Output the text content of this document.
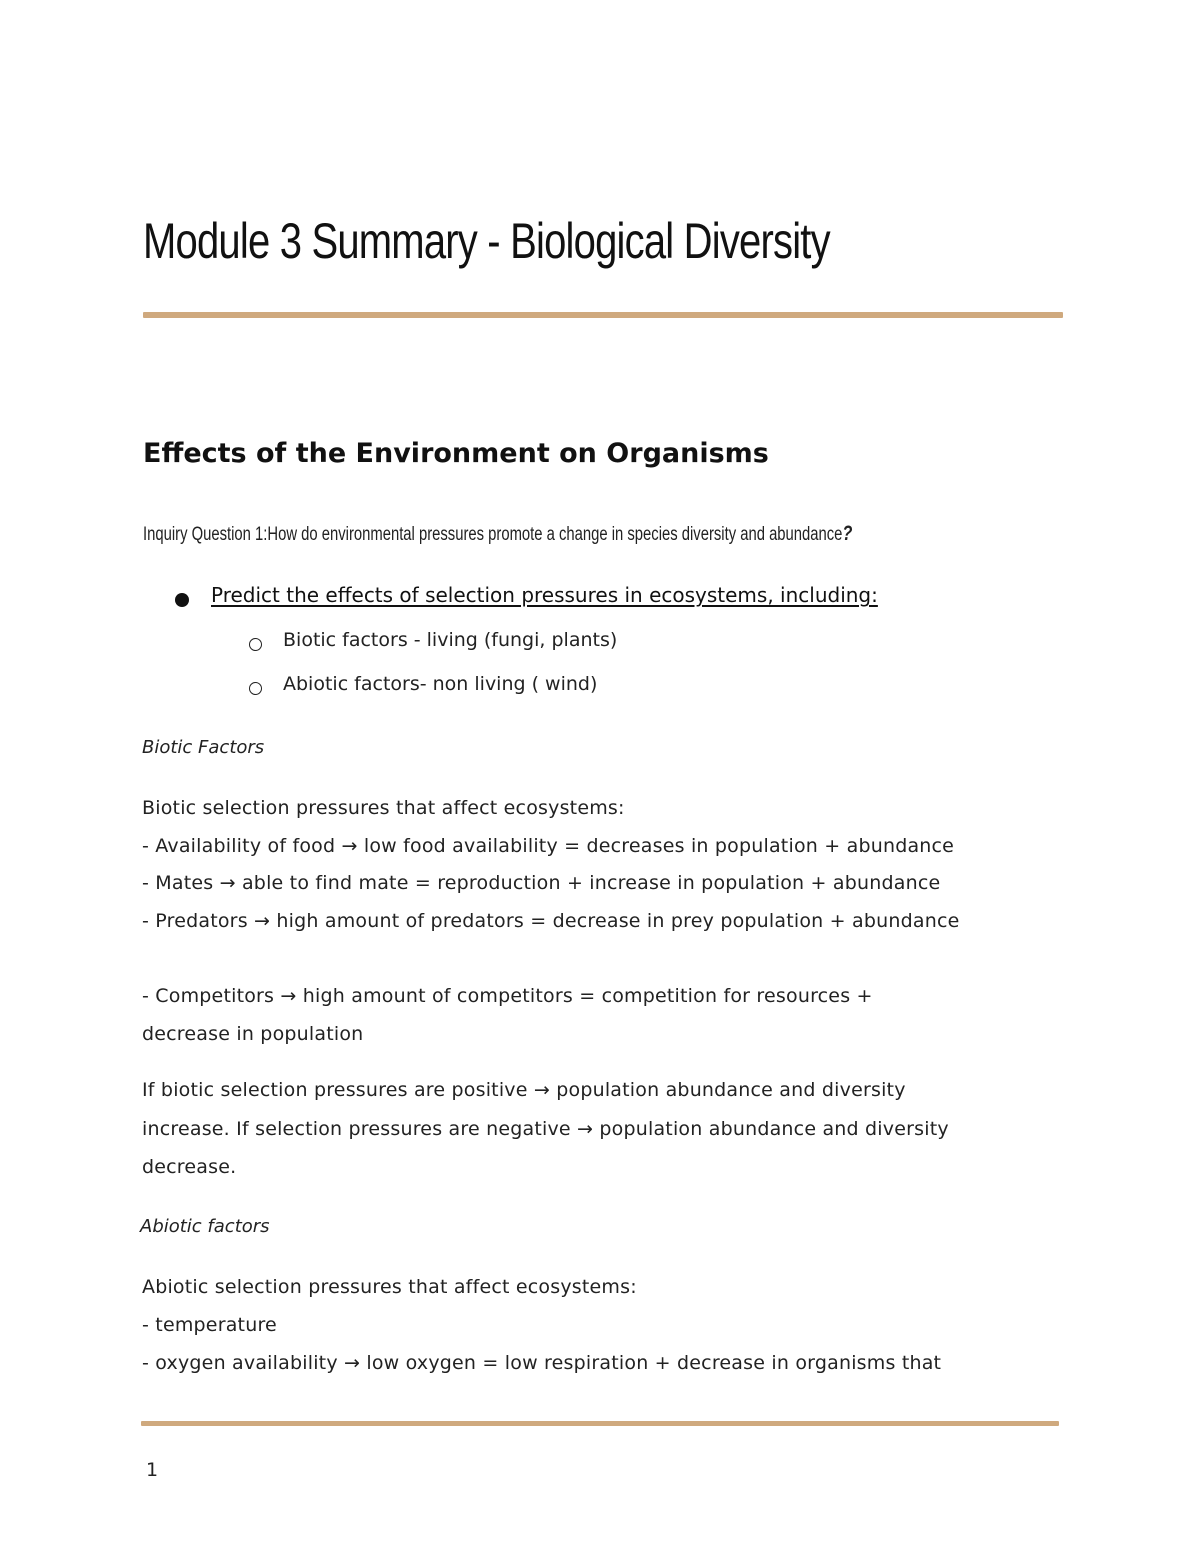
Module 3 Summary - Biological Diversity
Effects of the Environment on Organisms
Inquiry Question 1:How do environmental pressures promote a change in species diversity and abundance?
Predict the effects of selection pressures in ecosystems, including:
Biotic factors - living (fungi, plants)
Abiotic factors- non living ( wind)
Biotic Factors
Biotic selection pressures that affect ecosystems:
- Availability of food → low food availability = decreases in population + abundance
- Mates → able to find mate = reproduction + increase in population + abundance
- Predators → high amount of predators = decrease in prey population + abundance
- Competitors → high amount of competitors = competition for resources +
decrease in population
If biotic selection pressures are positive → population abundance and diversity
increase. If selection pressures are negative → population abundance and diversity
decrease.
Abiotic factors
Abiotic selection pressures that affect ecosystems:
- temperature
- oxygen availability → low oxygen = low respiration + decrease in organisms that
1
